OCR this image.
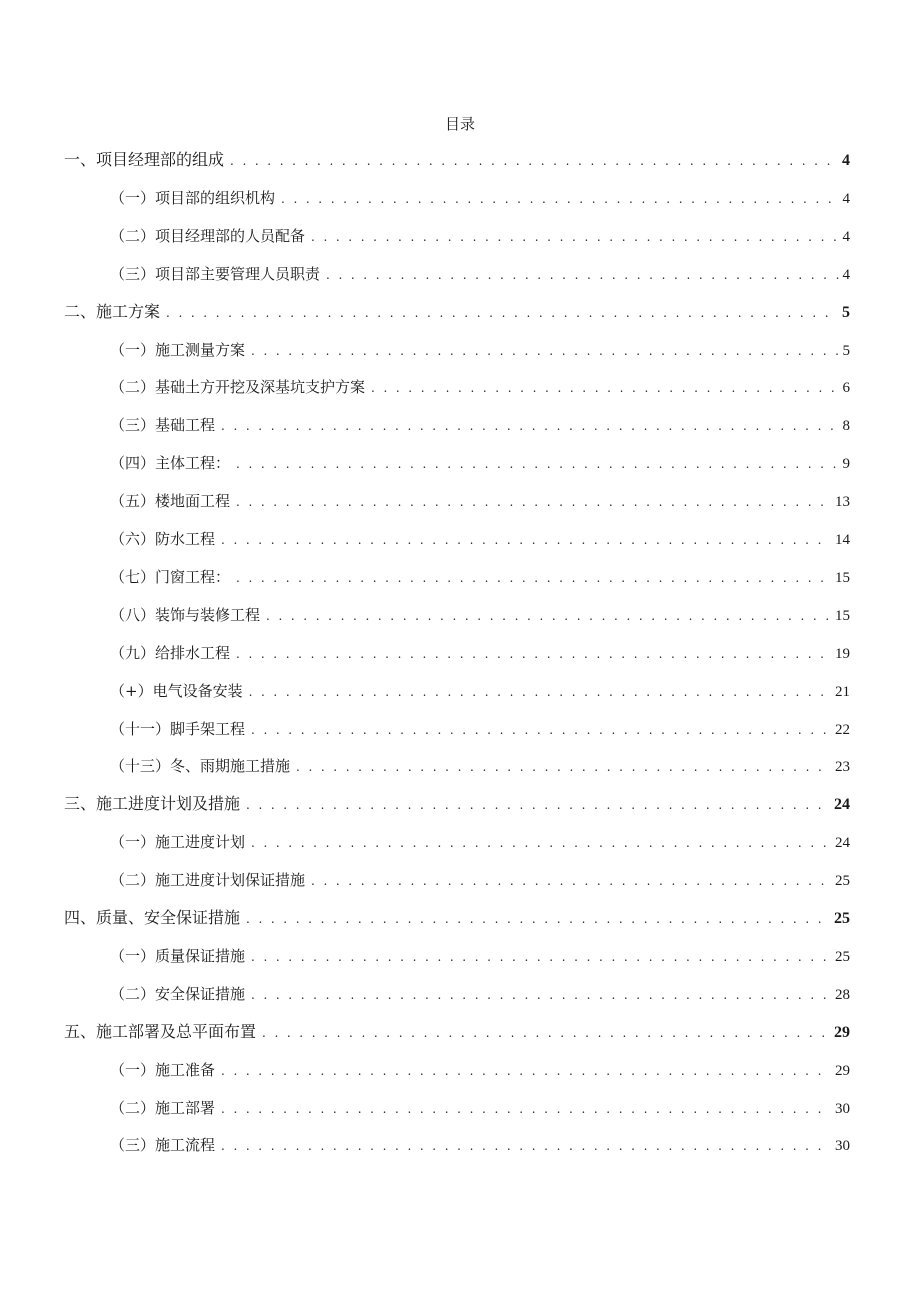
目录
一、项目经理部的组成 . . .	4
（一）项目部的组织机构 . . .	4
（二）项目经理部的人员配备 . . .	4
（三）项目部主要管理人员职责 . . .	4
二、施工方案 . . .	5
（一）施工测量方案 . . .	5
（二）基础土方开挖及深基坑支护方案 . . .	6
（三）基础工程 . . .	8
（四）主体工程： . . .	9
（五）楼地面工程 . . .	13
（六）防水工程 . . .	14
（七）门窗工程： . . .	15
（八）装饰与装修工程 . . .	15
（九）给排水工程 . . .	19
（+）电气设备安装 . . .	21
（十一）脚手架工程 . . .	22
（十三）冬、雨期施工措施 . . .	23
三、施工进度计划及措施 . . .	24
（一）施工进度计划 . . .	24
（二）施工进度计划保证措施 . . .	25
四、质量、安全保证措施 . . .	25
（一）质量保证措施 . . .	25
（二）安全保证措施 . . .	28
五、施工部署及总平面布置 . . .	29
（一）施工准备 . . .	29
（二）施工部署 . . .	30
（三）施工流程 . . .	30
